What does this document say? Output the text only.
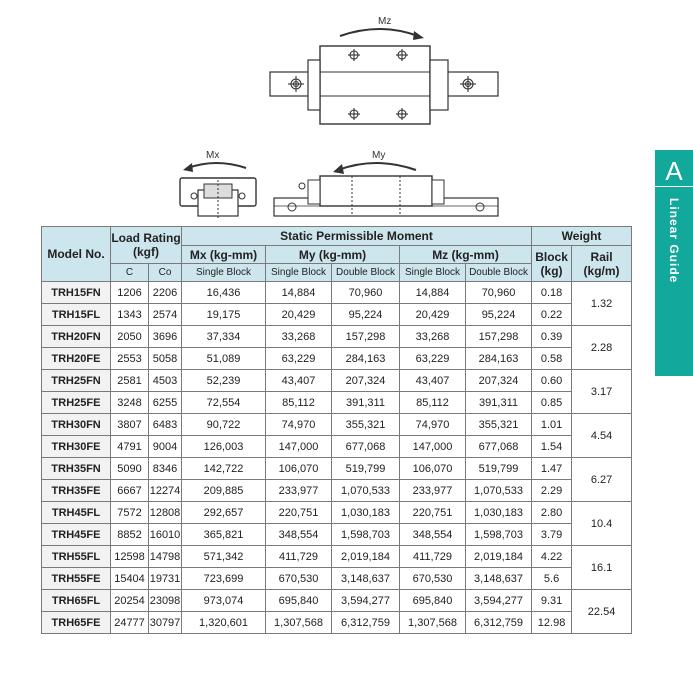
Mz
Mx	My
A
Linear Guide
Model No.	Load Rating (kgf)		Static Permissible Moment					Weight	
			Mx (kg-mm)	My (kg-mm)		Mz (kg-mm)		Block (kg)	Rail (kg/m)
	C	Co	Single Block	Single Block	Double Block	Single Block	Double Block		
TRH15FN	1206	2206	16,436	14,884	70,960	14,884	70,960	0.18	1.32
TRH15FL	1343	2574	19,175	20,429	95,224	20,429	95,224	0.22	
TRH20FN	2050	3696	37,334	33,268	157,298	33,268	157,298	0.39	2.28
TRH20FE	2553	5058	51,089	63,229	284,163	63,229	284,163	0.58	
TRH25FN	2581	4503	52,239	43,407	207,324	43,407	207,324	0.60	3.17
TRH25FE	3248	6255	72,554	85,112	391,311	85,112	391,311	0.85	
TRH30FN	3807	6483	90,722	74,970	355,321	74,970	355,321	1.01	4.54
TRH30FE	4791	9004	126,003	147,000	677,068	147,000	677,068	1.54	
TRH35FN	5090	8346	142,722	106,070	519,799	106,070	519,799	1.47	6.27
TRH35FE	6667	12274	209,885	233,977	1,070,533	233,977	1,070,533	2.29	
TRH45FL	7572	12808	292,657	220,751	1,030,183	220,751	1,030,183	2.80	10.4
TRH45FE	8852	16010	365,821	348,554	1,598,703	348,554	1,598,703	3.79	
TRH55FL	12598	14798	571,342	411,729	2,019,184	411,729	2,019,184	4.22	16.1
TRH55FE	15404	19731	723,699	670,530	3,148,637	670,530	3,148,637	5.6	
TRH65FL	20254	23098	973,074	695,840	3,594,277	695,840	3,594,277	9.31	22.54
TRH65FE	24777	30797	1,320,601	1,307,568	6,312,759	1,307,568	6,312,759	12.98	
